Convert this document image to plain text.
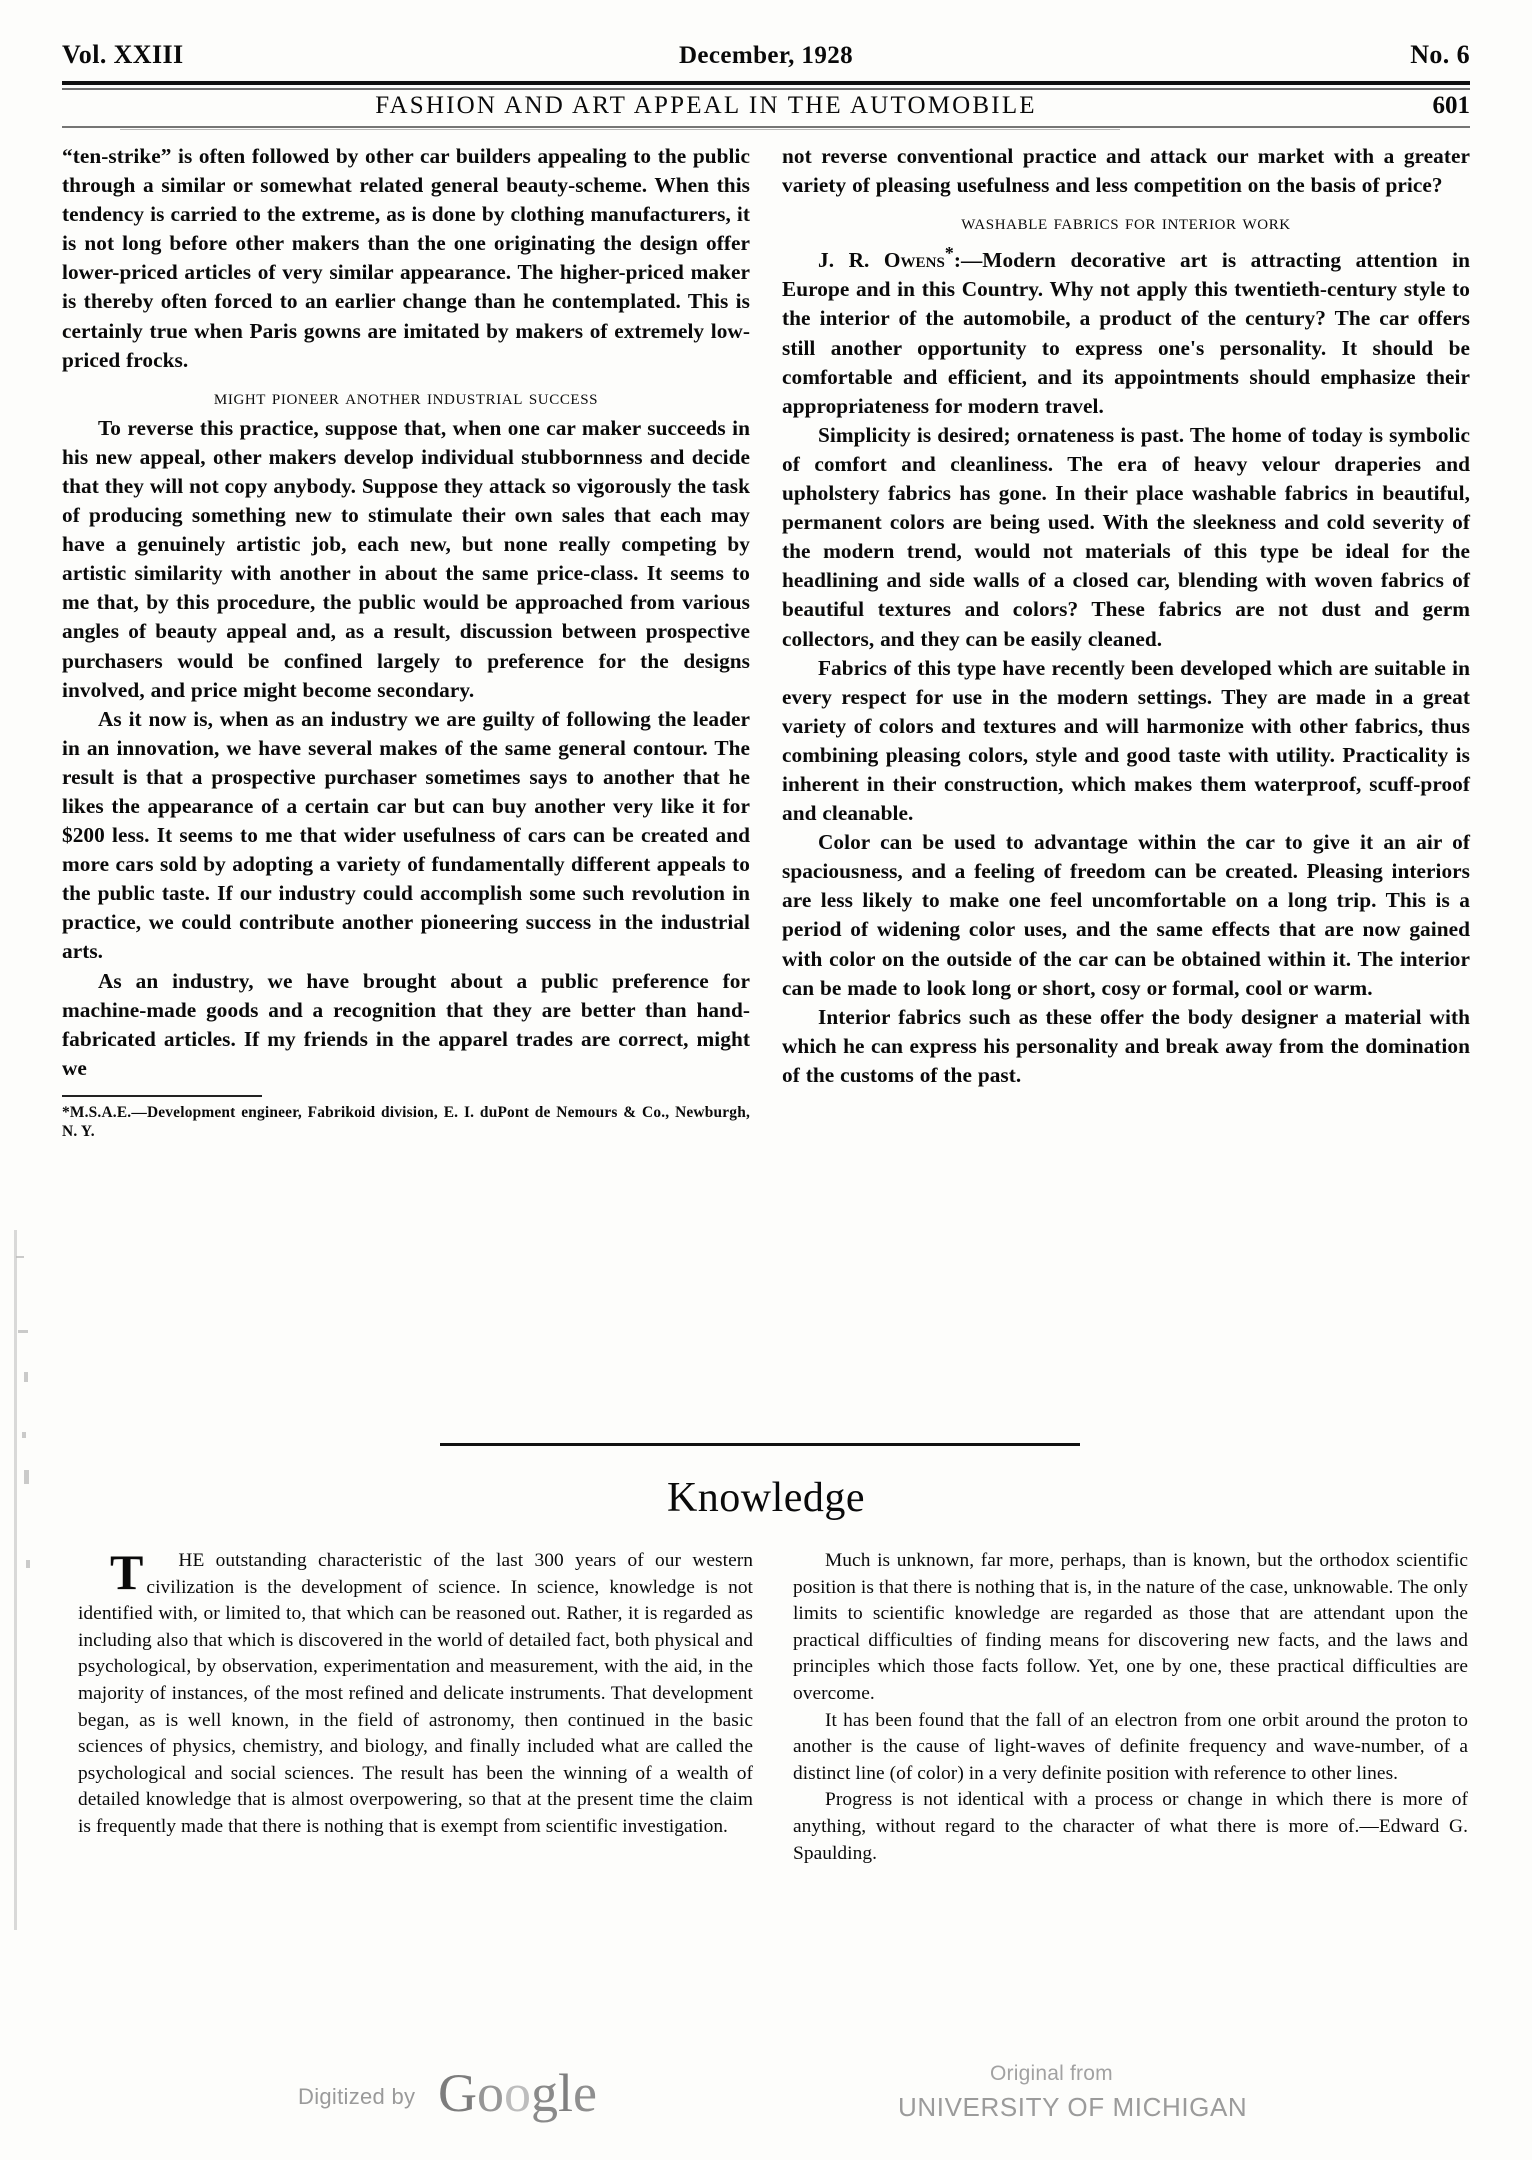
Vol. XXIII	December, 1928	No. 6
FASHION AND ART APPEAL IN THE AUTOMOBILE	601

“ten-strike” is often followed by other car builders appealing to the public through a similar or somewhat related general beauty-scheme. When this tendency is carried to the extreme, as is done by clothing manufacturers, it is not long before other makers than the one originating the design offer lower-priced articles of very similar appearance. The higher-priced maker is thereby often forced to an earlier change than he contemplated. This is certainly true when Paris gowns are imitated by makers of extremely low-priced frocks.

might pioneer another industrial success

To reverse this practice, suppose that, when one car maker succeeds in his new appeal, other makers develop individual stubbornness and decide that they will not copy anybody. Suppose they attack so vigorously the task of producing something new to stimulate their own sales that each may have a genuinely artistic job, each new, but none really competing by artistic similarity with another in about the same price-class. It seems to me that, by this procedure, the public would be approached from various angles of beauty appeal and, as a result, discussion between prospective purchasers would be confined largely to preference for the designs involved, and price might become secondary.

As it now is, when as an industry we are guilty of following the leader in an innovation, we have several makes of the same general contour. The result is that a prospective purchaser sometimes says to another that he likes the appearance of a certain car but can buy another very like it for $200 less. It seems to me that wider usefulness of cars can be created and more cars sold by adopting a variety of fundamentally different appeals to the public taste. If our industry could accomplish some such revolution in practice, we could contribute another pioneering success in the industrial arts.

As an industry, we have brought about a public preference for machine-made goods and a recognition that they are better than hand-fabricated articles. If my friends in the apparel trades are correct, might we

*M.S.A.E.—Development engineer, Fabrikoid division, E. I. duPont de Nemours & Co., Newburgh, N. Y.

not reverse conventional practice and attack our market with a greater variety of pleasing usefulness and less competition on the basis of price?

washable fabrics for interior work

J. R. Owens*:—Modern decorative art is attracting attention in Europe and in this Country. Why not apply this twentieth-century style to the interior of the automobile, a product of the century? The car offers still another opportunity to express one's personality. It should be comfortable and efficient, and its appointments should emphasize their appropriateness for modern travel.

Simplicity is desired; ornateness is past. The home of today is symbolic of comfort and cleanliness. The era of heavy velour draperies and upholstery fabrics has gone. In their place washable fabrics in beautiful, permanent colors are being used. With the sleekness and cold severity of the modern trend, would not materials of this type be ideal for the headlining and side walls of a closed car, blending with woven fabrics of beautiful textures and colors? These fabrics are not dust and germ collectors, and they can be easily cleaned.

Fabrics of this type have recently been developed which are suitable in every respect for use in the modern settings. They are made in a great variety of colors and textures and will harmonize with other fabrics, thus combining pleasing colors, style and good taste with utility. Practicality is inherent in their construction, which makes them waterproof, scuff-proof and cleanable.

Color can be used to advantage within the car to give it an air of spaciousness, and a feeling of freedom can be created. Pleasing interiors are less likely to make one feel uncomfortable on a long trip. This is a period of widening color uses, and the same effects that are now gained with color on the outside of the car can be obtained within it. The interior can be made to look long or short, cosy or formal, cool or warm.

Interior fabrics such as these offer the body designer a material with which he can express his personality and break away from the domination of the customs of the past.

Knowledge

T HE outstanding characteristic of the last 300 years of our western civilization is the development of science. In science, knowledge is not identified with, or limited to, that which can be reasoned out. Rather, it is regarded as including also that which is discovered in the world of detailed fact, both physical and psychological, by observation, experimentation and measurement, with the aid, in the majority of instances, of the most refined and delicate instruments. That development began, as is well known, in the field of astronomy, then continued in the basic sciences of physics, chemistry, and biology, and finally included what are called the psychological and social sciences. The result has been the winning of a wealth of detailed knowledge that is almost overpowering, so that at the present time the claim is frequently made that there is nothing that is exempt from scientific investigation.

Much is unknown, far more, perhaps, than is known, but the orthodox scientific position is that there is nothing that is, in the nature of the case, unknowable. The only limits to scientific knowledge are regarded as those that are attendant upon the practical difficulties of finding means for discovering new facts, and the laws and principles which those facts follow. Yet, one by one, these practical difficulties are overcome.

It has been found that the fall of an electron from one orbit around the proton to another is the cause of light-waves of definite frequency and wave-number, of a distinct line (of color) in a very definite position with reference to other lines.

Progress is not identical with a process or change in which there is more of anything, without regard to the character of what there is more of.—Edward G. Spaulding.

Digitized by Google	Original from
UNIVERSITY OF MICHIGAN
